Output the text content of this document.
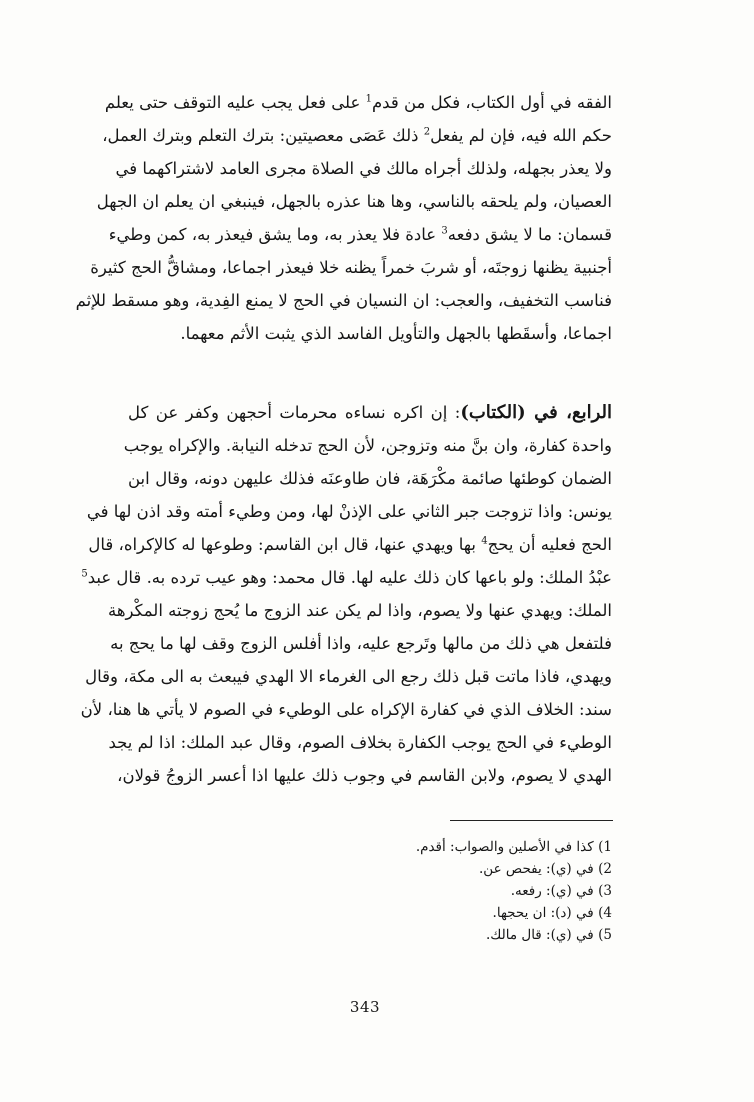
الفقه في أول الكتاب، فكل من قدم$^1$ على فعل يجب عليه التوقف حتى يعلم
حكم الله فيه، فإن لم يفعل$^2$ ذلك عَصَى معصيتين: بترك التعلم وبترك العمل،
ولا يعذر بجهله، ولذلك أجراه مالك في الصلاة مجرى العامد لاشتراكهما في
العصيان، ولم يلحقه بالناسي، وها هنا عذره بالجهل، فينبغي ان يعلم ان الجهل
قسمان: ما لا يشق دفعه$^3$ عادة فلا يعذر به، وما يشق فيعذر به، كمن وطيء
أجنبية يظنها زوجتَه، أو شربَ خمراً يظنه خلا فيعذر اجماعا، ومشاقُّ الحج كثيرة
فناسب التخفيف، والعجب: ان النسيان في الحج لا يمنع الفِدية، وهو مسقط للإثم
اجماعا، وأسقَطها بالجهل والتأويل الفاسد الذي يثبت الأثم معهما.
الرابع، في (الكتاب): إن اكره نساءه محرمات أحجهن وكفر عن كل
واحدة كفارة، وان بنَّ منه وتزوجن، لأن الحج تدخله النيابة. والإكراه يوجب
الضمان كوطئها صائمة مكْرَهَة، فان طاوعنَه فذلك عليهن دونه، وقال ابن
يونس: واذا تزوجت جبر الثاني على الإذنْ لها، ومن وطيء أمته وقد اذن لها في
الحج فعليه أن يحج$^4$ بها ويهدي عنها، قال ابن القاسم: وطوعها له كالإكراه، قال
عبْدُ الملك: ولو باعها كان ذلك عليه لها. قال محمد: وهو عيب ترده به. قال عبد$^5$
الملك: ويهدي عنها ولا يصوم، واذا لم يكن عند الزوج ما يُحج زوجته المكْرهة
فلتفعل هي ذلك من مالها وتَرجع عليه، واذا أفلس الزوج وقف لها ما يحج به
ويهدي، فاذا ماتت قبل ذلك رجع الى الغرماء الا الهدي فيبعث به الى مكة، وقال
سند: الخلاف الذي في كفارة الإكراه على الوطيء في الصوم لا يأتي ها هنا، لأن
الوطيء في الحج يوجب الكفارة بخلاف الصوم، وقال عبد الملك: اذا لم يجد
الهدي لا يصوم، ولابن القاسم في وجوب ذلك عليها اذا أعسر الزوجُ قولان،
1) كذا في الأصلين والصواب: أقدم.
2) في (ي): يفحص عن.
3) في (ي): رفعه.
4) في (د): ان يحجها.
5) في (ي): قال مالك.
343
